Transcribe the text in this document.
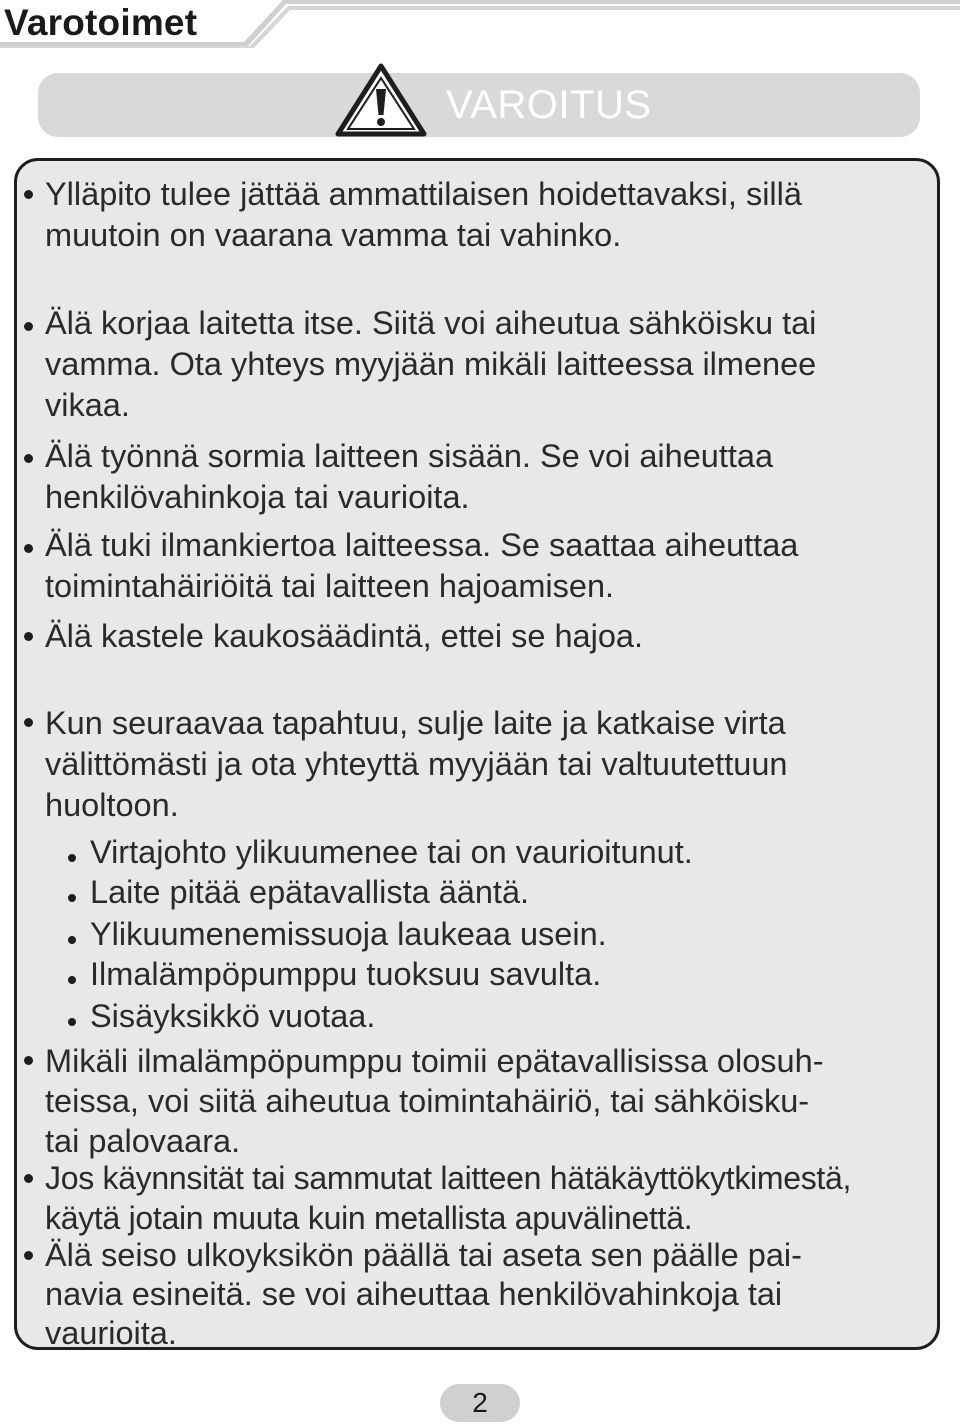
Varotoimet
VAROITUS
Ylläpito tulee jättää ammattilaisen hoidettavaksi, sillä
muutoin on vaarana vamma tai vahinko.
Älä korjaa laitetta itse. Siitä voi aiheutua sähköisku tai
vamma. Ota yhteys myyjään mikäli laitteessa ilmenee
vikaa.
Älä työnnä sormia laitteen sisään. Se voi aiheuttaa
henkilövahinkoja tai vaurioita.
Älä tuki ilmankiertoa laitteessa. Se saattaa aiheuttaa
toimintahäiriöitä tai laitteen hajoamisen.
Älä kastele kaukosäädintä, ettei se hajoa.
Kun seuraavaa tapahtuu, sulje laite ja katkaise virta
välittömästi ja ota yhteyttä myyjään tai valtuutettuun
huoltoon.
Virtajohto ylikuumenee tai on vaurioitunut.
Laite pitää epätavallista ääntä.
Ylikuumenemissuoja laukeaa usein.
Ilmalämpöpumppu tuoksuu savulta.
Sisäyksikkö vuotaa.
Mikäli ilmalämpöpumppu toimii epätavallisissa olosuh-
teissa, voi siitä aiheutua toimintahäiriö, tai sähköisku-
tai palovaara.
Jos käynnsität tai sammutat laitteen hätäkäyttökytkimestä,
käytä jotain muuta kuin metallista apuvälinettä.
Älä seiso ulkoyksikön päällä tai aseta sen päälle pai-
navia esineitä. se voi aiheuttaa henkilövahinkoja tai
vaurioita.
2
